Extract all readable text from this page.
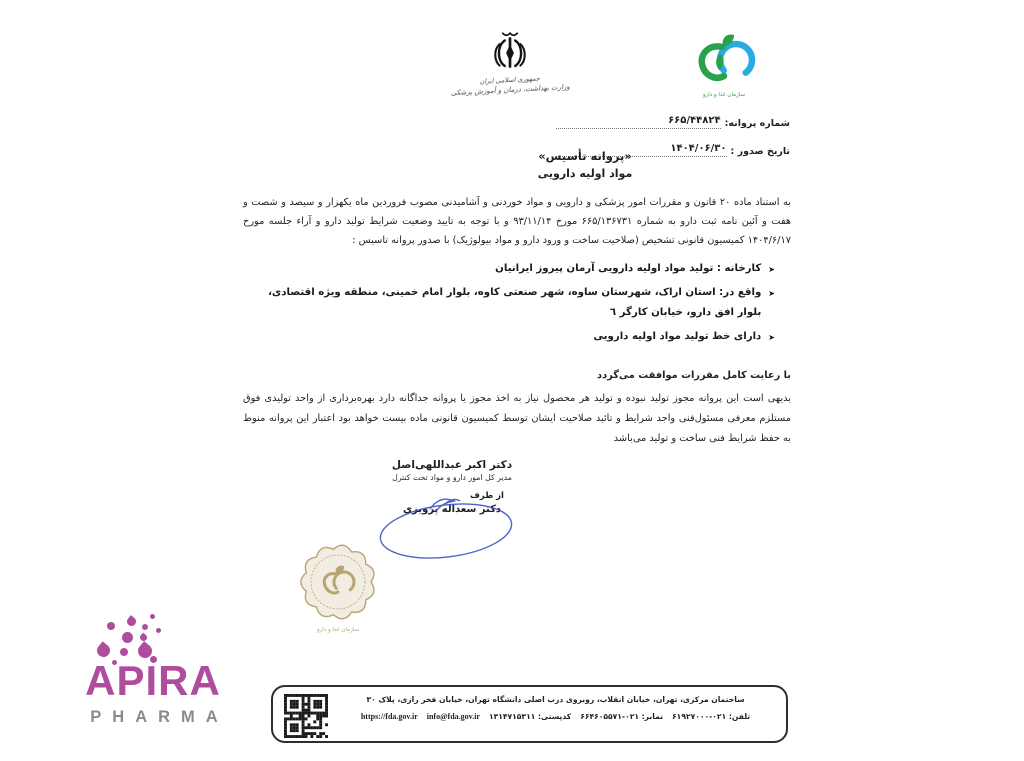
جمهوری اسلامی ایران
وزارت بهداشت، درمان و آموزش پزشکی	سازمان غذا و دارو
شماره پروانه:
۶۶۵/۴۴۸۲۴
تاریخ صدور :
۱۴۰۴/۰۶/۳۰
«پروانه تأسیس»
مواد اولیه دارویی

به استناد ماده ۲۰ قانون و مقررات امور پزشکی و دارویی و مواد خوردنی و آشامیدنی مصوب فروردین ماه یکهزار و سیصد و شصت و هفت و آئین نامه ثبت دارو به شماره ۶۶۵/۱۳۶۷۳۱ مورخ ۹۳/۱۱/۱۴ و با توجه به تایید وضعیت شرایط تولید دارو و آراء جلسه مورخ ۱۴۰۴/۶/۱۷ کمیسیون قانونی تشخیص (صلاحیت ساخت و ورود دارو و مواد بیولوژیک) با صدور پروانه تاسیس :

➤
کارخانه : تولید مواد اولیه دارویی آرمان پیروز ایرانیان
➤
واقع در: استان اراک، شهرستان ساوه، شهر صنعتی کاوه، بلوار امام خمینی، منطقه ویژه اقتصادی، بلوار افق دارو، خیابان کارگر ٦
➤
دارای خط تولید مواد اولیه دارویی

با رعایت کامل مقررات موافقت می‌گردد

بدیهی است این پروانه مجوز تولید نبوده و تولید هر محصول نیاز به اخذ مجوز یا پروانه جداگانه دارد بهره‌برداری از واحد تولیدی فوق مستلزم معرفی مسئول‌فنی واجد شرایط و تائید صلاحیت ایشان توسط کمیسیون قانونی ماده بیست خواهد بود اعتبار این پروانه منوط به حفظ شرایط فنی ساخت و تولید می‌باشد

دکتر اکبر عبداللهی‌اصل
مدیر کل امور دارو و مواد تحت کنترل
از طرف
دکتر سعداله پرویزی
سازمان غذا و دارو
ساختمان مرکزی، تهران، خیابان انقلاب، روبروی درب اصلی دانشگاه تهران، خیابان فخر رازی، پلاک ۳۰
تلفن: ۰۲۱-۶۱۹۲۷۰۰۰
نمابر: ۰۲۱-۶۶۴۶۰۵۵۷۱
کدپستی: ۱۳۱۴۷۱۵۳۱۱
info@fda.gov.ir
https://fda.gov.ir
APIRA
PHARMA
